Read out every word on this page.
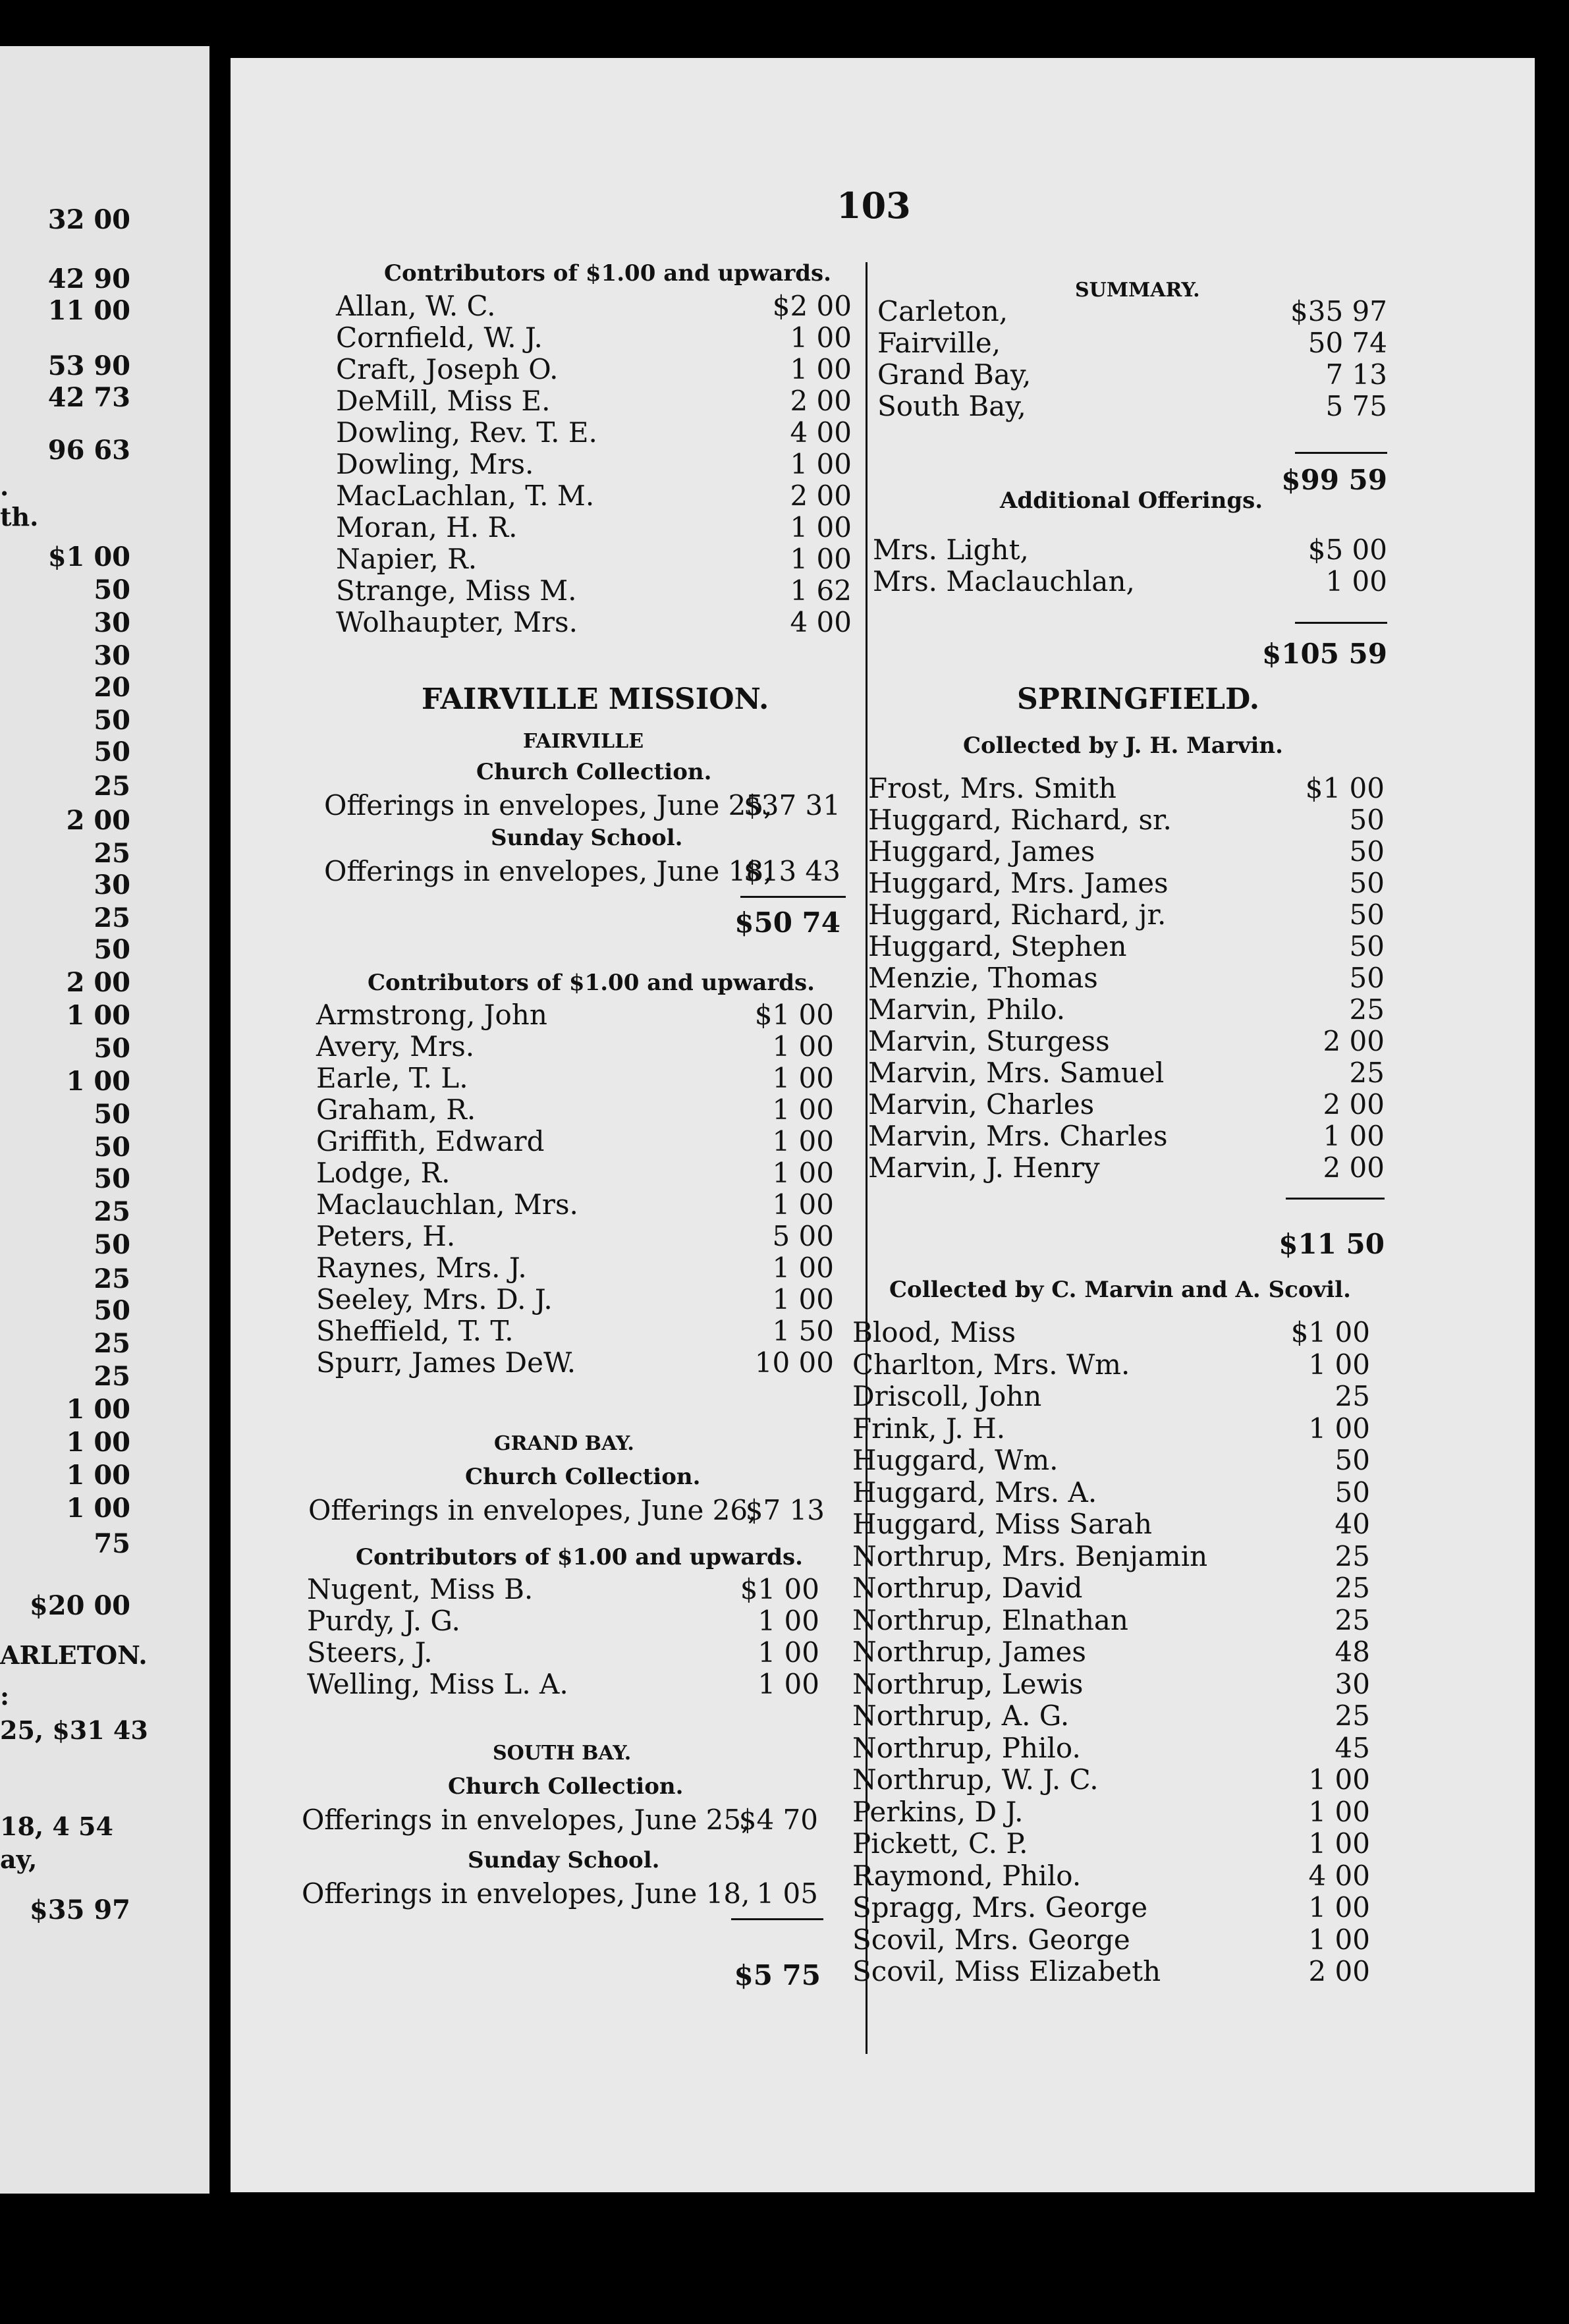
32 00
42 90
11 00
53 90
42 73
96 63
.
th.
$1 00
50
30
30
20
50
50
25
2 00
25
30
25
50
2 00
1 00
50
1 00
50
50
50
25
50
25
50
25
25
1 00
1 00
1 00
1 00
75
$20 00
ARLETON.
:
25, $31 43
18, 4 54
ay,
$35 97
103
Contributors of $1.00 and upwards.
Allan, W. C.	$2 00
Cornfield, W. J.	1 00
Craft, Joseph O.	1 00
DeMill, Miss E.	2 00
Dowling, Rev. T. E.	4 00
Dowling, Mrs.	1 00
MacLachlan, T. M.	2 00
Moran, H. R.	1 00
Napier, R.	1 00
Strange, Miss M.	1 62
Wolhaupter, Mrs.	4 00
FAIRVILLE MISSION.
FAIRVILLE
Church Collection.
Offerings in envelopes, June 25,
$37 31
Sunday School.
Offerings in envelopes, June 18,
$13 43
$50 74
Contributors of $1.00 and upwards.
Armstrong, John	$1 00
Avery, Mrs.	1 00
Earle, T. L.	1 00
Graham, R.	1 00
Griffith, Edward	1 00
Lodge, R.	1 00
Maclauchlan, Mrs.	1 00
Peters, H.	5 00
Raynes, Mrs. J.	1 00
Seeley, Mrs. D. J.	1 00
Sheffield, T. T.	1 50
Spurr, James DeW.	10 00
GRAND BAY.
Church Collection.
Offerings in envelopes, June 26,
$7 13
Contributors of $1.00 and upwards.
Nugent, Miss B.	$1 00
Purdy, J. G.	1 00
Steers, J.	1 00
Welling, Miss L. A.	1 00
SOUTH BAY.
Church Collection.
Offerings in envelopes, June 25,
$4 70
Sunday School.
Offerings in envelopes, June 18, 1 05
$5 75
SUMMARY.
Carleton,	$35 97
Fairville,	50 74
Grand Bay,	7 13
South Bay,	5 75
$99 59
Additional Offerings.
Mrs. Light,	$5 00
Mrs. Maclauchlan,	1 00
$105 59
SPRINGFIELD.
Collected by J. H. Marvin.
Frost, Mrs. Smith	$1 00
Huggard, Richard, sr.	50
Huggard, James	50
Huggard, Mrs. James	50
Huggard, Richard, jr.	50
Huggard, Stephen	50
Menzie, Thomas	50
Marvin, Philo.	25
Marvin, Sturgess	2 00
Marvin, Mrs. Samuel	25
Marvin, Charles	2 00
Marvin, Mrs. Charles	1 00
Marvin, J. Henry	2 00
$11 50
Collected by C. Marvin and A. Scovil.
Blood, Miss	$1 00
Charlton, Mrs. Wm.	1 00
Driscoll, John	25
Frink, J. H.	1 00
Huggard, Wm.	50
Huggard, Mrs. A.	50
Huggard, Miss Sarah	40
Northrup, Mrs. Benjamin	25
Northrup, David	25
Northrup, Elnathan	25
Northrup, James	48
Northrup, Lewis	30
Northrup, A. G.	25
Northrup, Philo.	45
Northrup, W. J. C.	1 00
Perkins, D J.	1 00
Pickett, C. P.	1 00
Raymond, Philo.	4 00
Spragg, Mrs. George	1 00
Scovil, Mrs. George	1 00
Scovil, Miss Elizabeth	2 00
